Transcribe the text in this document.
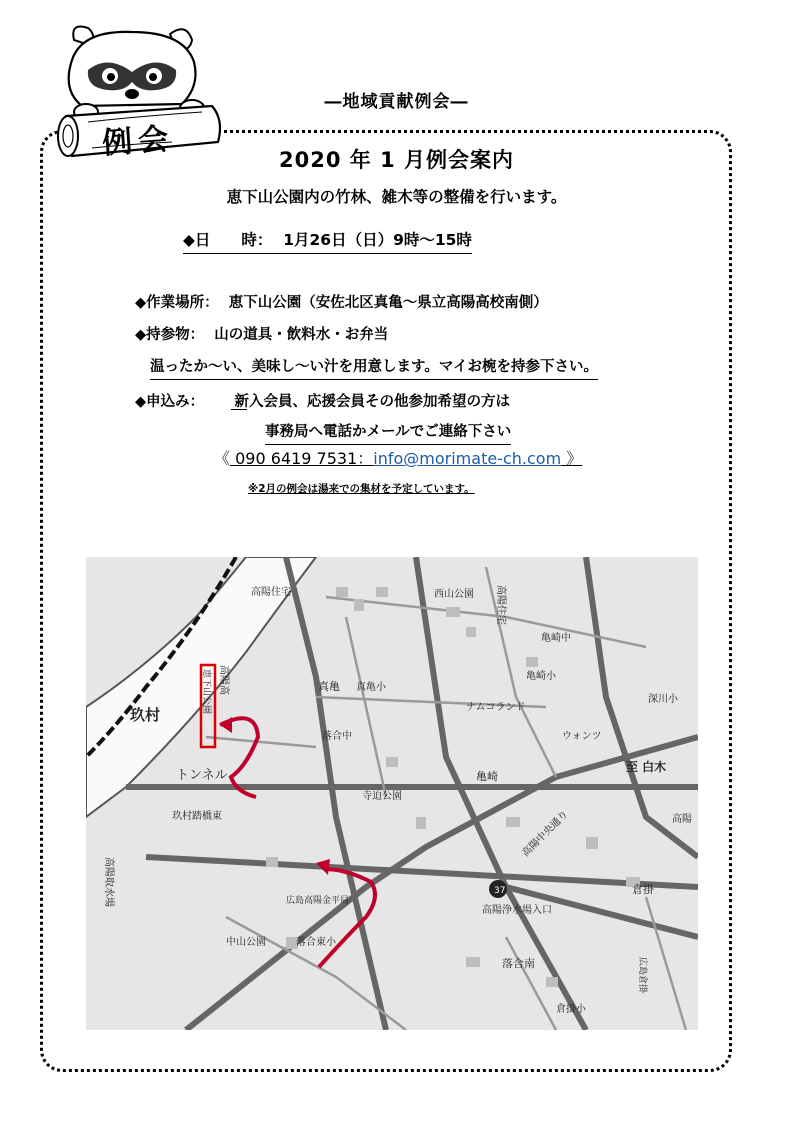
例会
―地域貢献例会―
2020 年 1 月例会案内
恵下山公園内の竹林、雑木等の整備を行います。
◆日　　時：  1月26日（日）9時～15時
◆作業場所：  恵下山公園（安佐北区真亀～県立高陽高校南側）
◆持参物：  山の道具・飲料水・お弁当
温ったか～い、美味し～い汁を用意します。マイお椀を持参下さい。
◆申込み： 新入会員、応援会員その他参加希望の方は
事務局へ電話かメールでご連絡下さい
《 090 6419 7531：info@morimate-ch.com 》
※2月の例会は湯来での集材を予定しています。
玖村
トンネル
玖村踏橋東
高陽取水場
高陽住宅	西山公園 高陽住宅
亀崎中
亀崎小
深川小
至 白木
真亀 真亀小
ナムコランド
ウォンツ
落合中
寺迫公園
亀崎
高陽
倉掛
高陽高
恵下山公園
37
高陽浄水場入口
広島高陽金平局
中山公園	落合東小
落合南
倉掛小
広島倉掛
高陽中央通り
